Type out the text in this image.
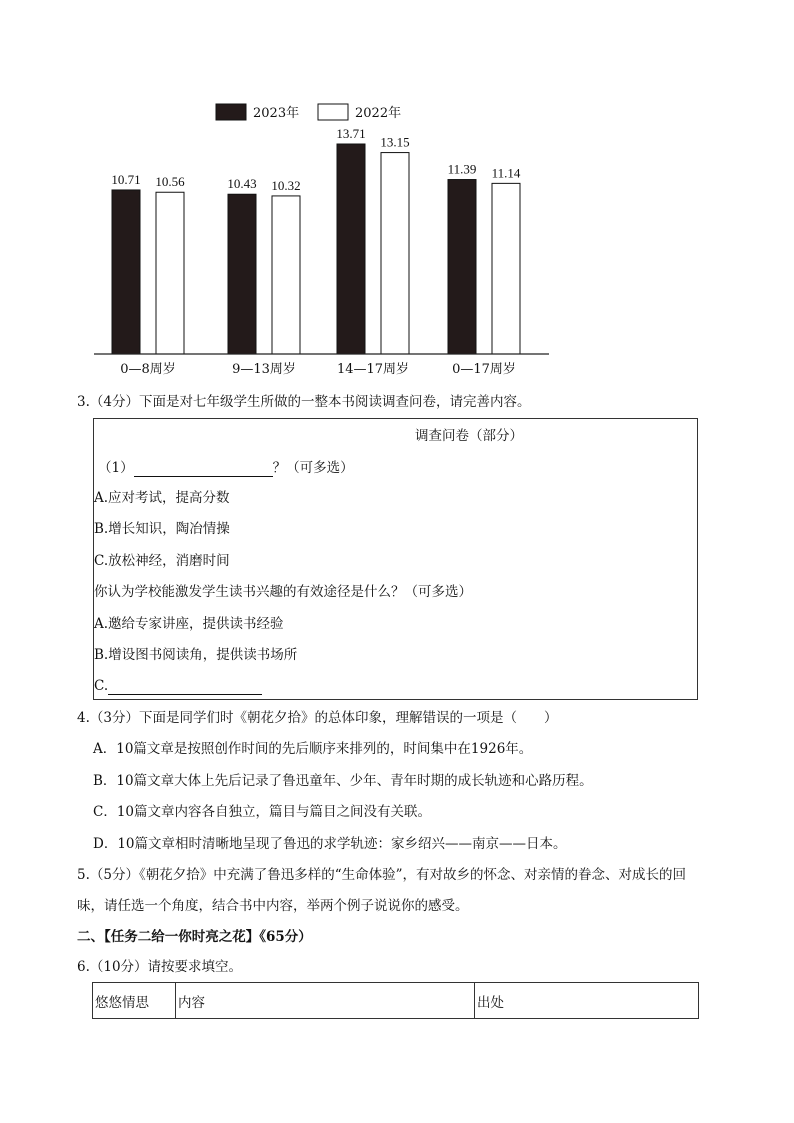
2023年	2022年
10.71 10.56	10.43 10.32
13.71
13.15
11.39 11.14
0—8周岁	9—13周岁	14—17周岁	0—17周岁
3.（4分）下面是对七年级学生所做的一整本书阅读调查问卷，请完善内容。
调查问卷（部分）
（1）	？（可多选）
A.应对考试，提高分数
B.增长知识，陶冶情操
C.放松神经，消磨时间
你认为学校能激发学生读书兴趣的有效途径是什么？（可多选）
A.邀给专家讲座，提供读书经验
B.增设图书阅读角，提供读书场所
C.
4.（3分）下面是同学们时《朝花夕拾》的总体印象，理解错误的一项是（　　）
A．10篇文章是按照创作时间的先后顺序来排列的，时间集中在1926年。
B．10篇文章大体上先后记录了鲁迅童年、少年、青年时期的成长轨迹和心路历程。
C．10篇文章内容各自独立，篇目与篇目之间没有关联。
D．10篇文章相时清晰地呈现了鲁迅的求学轨迹：家乡绍兴——南京——日本。
5.（5分）《朝花夕拾》中充满了鲁迅多样的“生命体验”，有对故乡的怀念、对亲情的眷念、对成长的回
味，请任选一个角度，结合书中内容，举两个例子说说你的感受。
二、【任务二给一你时亮之花】《65分）
6.（10分）请按要求填空。
悠悠情思	内容	出处
